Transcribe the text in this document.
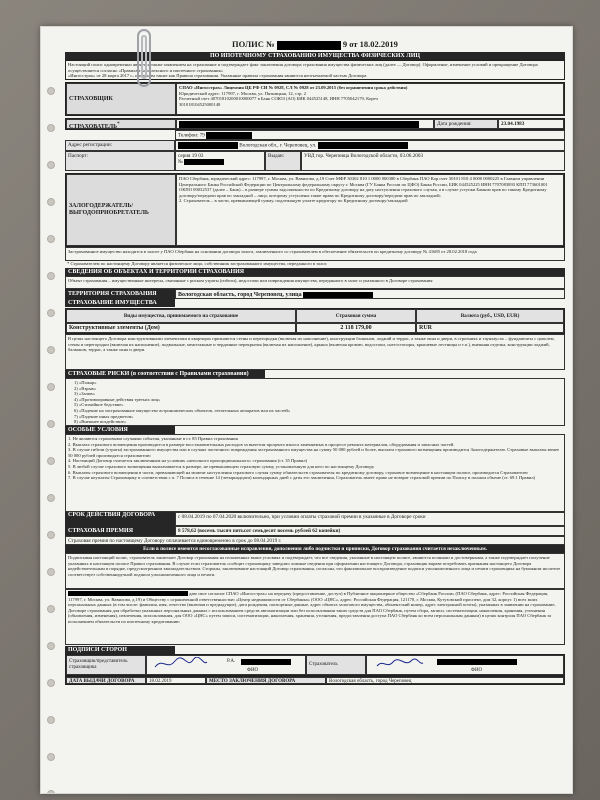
ПОЛИС №	9 от 18.02.2019
ПО ИПОТЕЧНОМУ СТРАХОВАНИЮ ИМУЩЕСТВА ФИЗИЧЕСКИХ ЛИЦ
Настоящий полис одновременно является также заявлением на страхование и подтверждает факт заключения договора страхования имущества физических лиц (далее — Договор). Оформление, изменение условий и прекращение Договора осуществляется согласно «Правилам комплексного и ипотечного страхования»
«Ингосстрах» от 28 марта 2017 г., имеющим также как Правила страхования. Указанные правила страхования являются неотъемлемой частью Договора
СТРАХОВЩИК
СПАО «Ингосстрах» Лицензия ЦБ РФ СИ № 0928, СЛ № 0928 от 23.09.2015 (без ограничения срока действия)
Юридический адрес: 117997, г. Москва, ул. Пятницкая, 12, стр. 2
Расчетный счет 40701810200010000077 в Банк СОЮЗ (АО) БИК 044525148, ИНН 7705042179, Кореч
301018104525000148
СТРАХОВАТЕЛЬ*	Дата рождения:	23.04.1983
Телефон: 79
Адрес регистрации:	Вологодская обл., г. Череповец, ул.
Паспорт:	серия 19 03
№
Выдан:	УВД гор. Череповца Вологодской области, 03.06.2003
ЗАЛОГОДЕРЖАТЕЛЬ/ ВЫГОДОПРИОБРЕТАТЕЛЬ
ПАО Сбербанк, юридический адрес: 117997, г. Москва, ул. Вавилова, д.19 Счет МФР 30302 810 1 0000 000380 в Сбербанк ПАО Кор.счет 30101 810 4 0000 0000225 в Главном управлении Центрального Банка Российской Федерации по Центральному федеральному округу г. Москва (ГУ Банка России по ЦФО) Банка России, БИК 044525225 ИНН 7707083893 КПП 773601001 ОКПО 00032537 (далее – Банк) – в размере суммы задолженности по Кредитному договору на дату наступления страхового случая, а в случае уступки Банком прав по такому Кредитному договору/передачи прав по закладной – лицо, которому уступлены такие права по Кредитному договору/передачи прав по закладной;
2. Страхователь – в части, превышающей сумму, подлежащую уплате кредитору по Кредитному договору/закладной
Застрахованное имущество находится в залоге у ПАО Сбербанк на основании договора залога, заключенного со страхователем в обеспечение обязательств по кредитному договору № 41685 от 28.02.2018 года
* Страхователем по настоящему Договору является физическое лицо, собственник застрахованного имущества, переданного в залог.
СВЕДЕНИЯ ОБ ОБЪЕКТАХ И ТЕРРИТОРИИ СТРАХОВАНИЯ
Объект страхования – имущественные интересы, связанные с риском утраты (гибели), недостачи или повреждения имущества, переданного в залог и указанного в Договоре страхования
ТЕРРИТОРИЯ СТРАХОВАНИЯ	Вологодская область, город Череповец, улица
СТРАХОВАНИЕ ИМУЩЕСТВА
Виды имущества, принимаемого на страхование	Страховая сумма	Валюта (руб., USD, EUR)
Конструктивные элементы (Дом)	2 118 179,00	RUR
В целях настоящего Договора конструктивными элементами в квартирах признаются стены и перегородки (включая их наполнение), конструкции балконов, лоджий и террас, а также окна и двери, в строениях и таунхаусах – фундаменты с цоколем, стены и перегородки (включая их наполнение), подвальные, межэтажные и чердачные перекрытия (включая их наполнение), крыша (включая кровлю, водостоки, снегостопоры, крышевые лестницы и т.п.), внешняя отделка, конструкции лоджий, балконов, террас, а также окна и двери.
СТРАХОВЫЕ РИСКИ (в соответствии с Правилами страхования)
1) «Пожар»
2) «Взрыв»
3) «Залив»
4) «Противоправные действия третьих лиц»
5) «Стихийное бедствие»
6) «Падение на застрахованное имущество астрономических объектов, летательных аппаратов или их частей»
7) «Падение иных предметов»
8) «Внешнее воздействие»
ОСОБЫЕ УСЛОВИЯ
1. Не являются страховыми случаями события, указанные в ст. 85 Правил страхования
2. Выплата страхового возмещения производится в размере восстановительных расходов за вычетом процента износа заменяемых в процессе ремонта материалов, оборудования и запасных частей.
3. В случае гибели (утраты) застрахованного имущества или в случаях частичного повреждения застрахованного имущества на сумму 50 000 рублей и более, выплата страхового возмещения производится Залогодержателю. Страховые выплаты менее 50 000 рублей производятся страхователю
4. Настоящий Договор считается заключенным на условиях «неполного пропорционального» страхования (ст. 35 Правил)
5. В любой случае страхового возмещения выплачивается в размере, не превышающем страховую сумму, установленную для него по настоящему Договору.
6. Выплаты страхового возмещения в части, превышающей на момент наступления страхового случая сумму обязательств страхователя по кредитному договору, страховое возмещение в настоящем полисе, производится Страхователю
7. В случае неуплаты Страховщику в соответствии с п. 7 Полиса в течение 14 (четырнадцати) календарных дней с даты его заключения, Страхователь имеет право не возврат страховой премии по Полису в полном объеме (ст. 69.1 Правил)
СРОК ДЕЙСТВИЯ ДОГОВОРА	с 08.04.2019 по 07.04.2020 включительно, при условии оплаты страховой премии в указанные в Договоре сроки
СТРАХОВАЯ ПРЕМИЯ	8 578,62 (восемь тысяч пятьсот семьдесят восемь рублей 62 копейки)
Страховая премия по настоящему Договору оплачивается единовременно в срок до 08.04.2019 г.
Если в полисе имеются несогласованные исправления, дополнения либо подчистки и приписки, Договор страхования считается незаключенным.
Подписывая настоящий полис, страхователь заключает Договор страхования на изложенных выше условиях и подтверждает, что все сведения, указанные в настоящем полисе, являются полными и достоверными, а также подтверждает получение указанных в настоящем полисе Правил страхования. В случае если страхователь сообщит страховщику заведомо ложные сведения при оформлении настоящего Договора, страховщик вправе потребовать признания настоящего Договора недействительным в порядке, предусмотренном законодательством. Стороны, заключившие настоящий Договор страхования, согласны, что факсимильное воспроизведение подписи уполномоченного лица и печати страховщика на бумажном носителе соответствует собственноручной подписи уполномоченного лица и печати.
даю свое согласие СПАО «Ингосстрах» на передачу (предоставление, доступ) в Публичное акционерное общество «Сбербанк России» (ПАО Сбербанк, адрес: Российская Федерация, 117997, г. Москва, ул. Вавилова, д.19) и Обществу с ограниченной ответственностью «Центр недвижимости от Сбербанка» (ООО «ЦНС», адрес: Российская Федерация, 121170, г. Москва, Кутузовский проспект, дом 32, корпус 1) всех моих персональных данных (в том числе: фамилия, имя, отчество (включая и предыдущие), дата рождения, паспортные данные, адрес объекта залогового имущества, абонентский номер, адрес электронной почты), указанных в заявлении на страхование, Договоре страхования для обработки указанных персональных данных с использованием средств автоматизации или без использования таких средств для ПАО Сбербанк, путем сбора, записи, систематизации, накопления, хранения, уточнения (обновления, изменения), извлечения, использования, для ООО «ЦНС» путем записи, систематизации, накопления, хранения, уточнения, предоставления доступа ПАО Сбербанк ко всем персональным данным) в целях контроля ПАО Сбербанк за исполнением обязательств по ипотечному кредитованию
ПОДПИСИ СТОРОН
Страховщик/представитель страховщика
Р.А.
ФИО
Страхователь
ФИО
ДАТА ВЫДАЧИ ДОГОВОРА	18.02.2019	МЕСТО ЗАКЛЮЧЕНИЯ ДОГОВОРА	Вологодская область, город Череповец
